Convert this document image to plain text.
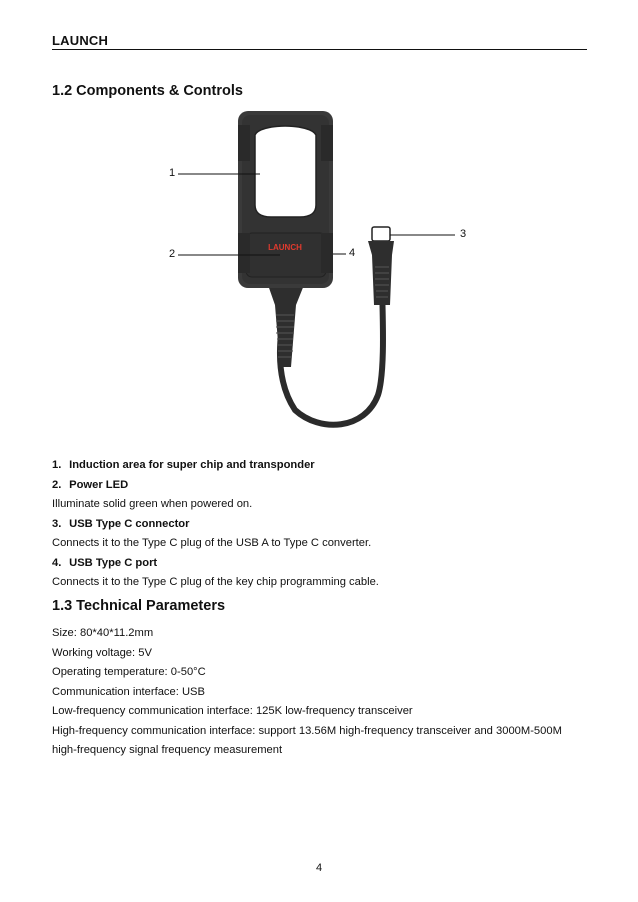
LAUNCH
1.2 Components & Controls
LAUNCH
1
2
3
4
1. Induction area for super chip and transponder
2. Power LED
Illuminate solid green when powered on.
3. USB Type C connector
Connects it to the Type C plug of the USB A to Type C converter.
4. USB Type C port
Connects it to the Type C plug of the key chip programming cable.
1.3 Technical Parameters
Size: 80*40*11.2mm
Working voltage: 5V
Operating temperature: 0-50°C
Communication interface: USB
Low-frequency communication interface: 125K low-frequency transceiver
High-frequency communication interface: support 13.56M high-frequency transceiver and 3000M-500M
high-frequency signal frequency measurement
4
